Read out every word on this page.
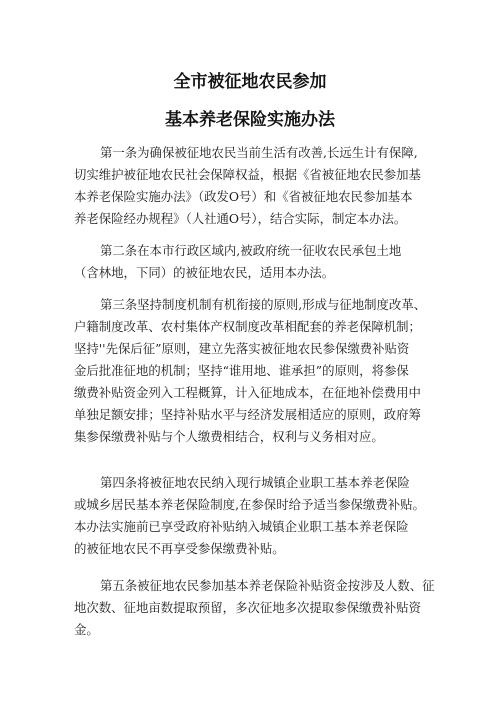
全市被征地农民参加
基本养老保险实施办法
第一条为确保被征地农民当前生活有改善,长远生计有保障,
切实维护被征地农民社会保障权益，根据《省被征地农民参加基
本养老保险实施办法》（政发O号）和《省被征地农民参加基本
养老保险经办规程》（人社通O号），结合实际，制定本办法。
第二条在本市行政区域内,被政府统一征收农民承包土地
（含林地，下同）的被征地农民，适用本办法。
第三条坚持制度机制有机衔接的原则,形成与征地制度改革、
户籍制度改革、农村集体产权制度改革相配套的养老保障机制；
坚持''先保后征”原则，建立先落实被征地农民参保缴费补贴资
金后批准征地的机制；坚持“谁用地、谁承担”的原则，将参保
缴费补贴资金列入工程概算，计入征地成本，在征地补偿费用中
单独足额安排；坚持补贴水平与经济发展相适应的原则，政府筹
集参保缴费补贴与个人缴费相结合，权利与义务相对应。
第四条将被征地农民纳入现行城镇企业职工基本养老保险
或城乡居民基本养老保险制度,在参保时给予适当参保缴费补贴。
本办法实施前已享受政府补贴纳入城镇企业职工基本养老保险
的被征地农民不再享受参保缴费补贴。
第五条被征地农民参加基本养老保险补贴资金按涉及人数、征
地次数、征地亩数提取预留，多次征地多次提取参保缴费补贴资
金。
